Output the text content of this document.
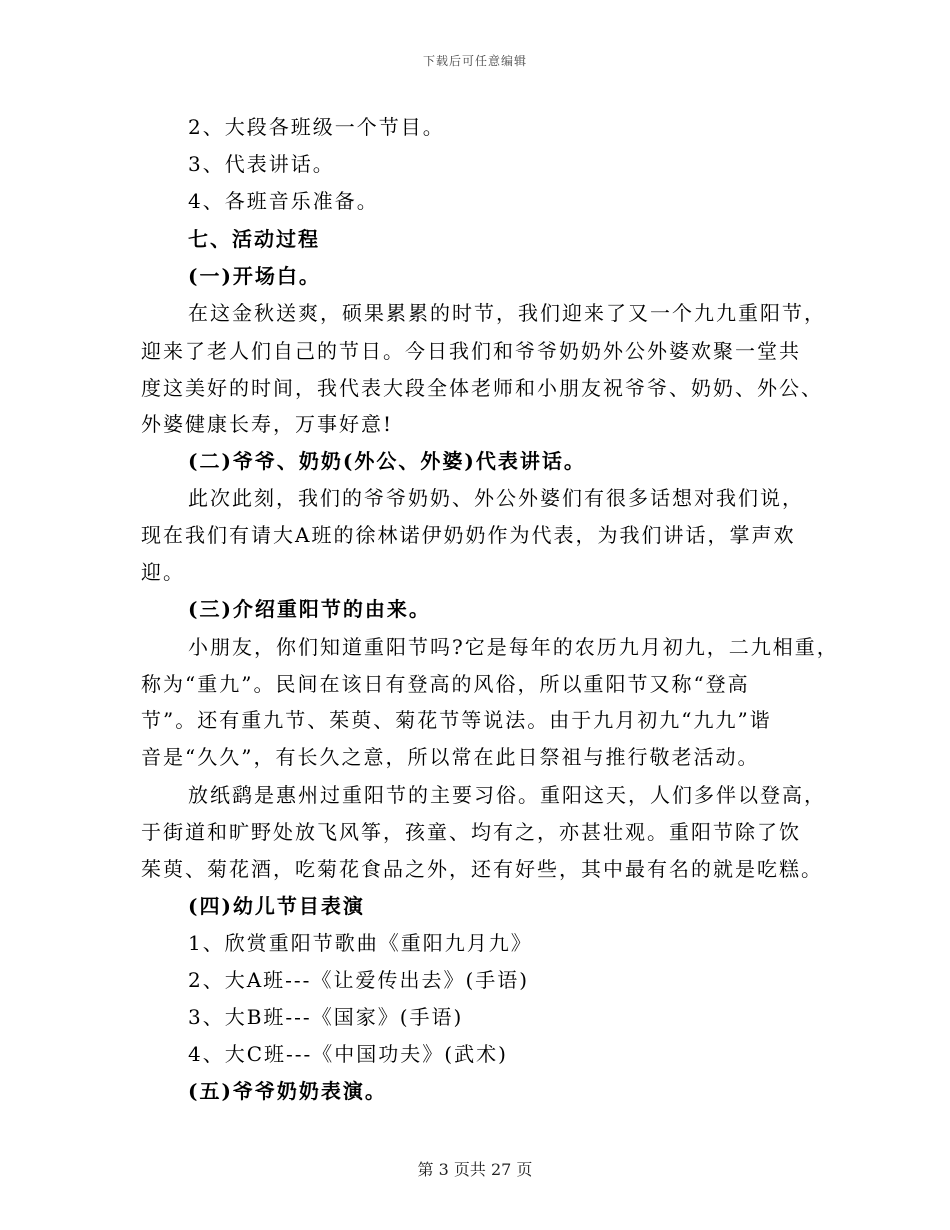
下载后可任意编辑
2、大段各班级一个节目。
3、代表讲话。
4、各班音乐准备。
七、活动过程
(一)开场白。
在这金秋送爽，硕果累累的时节，我们迎来了又一个九九重阳节，
迎来了老人们自己的节日。今日我们和爷爷奶奶外公外婆欢聚一堂共
度这美好的时间，我代表大段全体老师和小朋友祝爷爷、奶奶、外公、
外婆健康长寿，万事好意!
(二)爷爷、奶奶(外公、外婆)代表讲话。
此次此刻，我们的爷爷奶奶、外公外婆们有很多话想对我们说，
现在我们有请大A班的徐林诺伊奶奶作为代表，为我们讲话，掌声欢
迎。
(三)介绍重阳节的由来。
小朋友，你们知道重阳节吗?它是每年的农历九月初九，二九相重，
称为“重九”。民间在该日有登高的风俗，所以重阳节又称“登高
节”。还有重九节、茱萸、菊花节等说法。由于九月初九“九九”谐
音是“久久”，有长久之意，所以常在此日祭祖与推行敬老活动。
放纸鹞是惠州过重阳节的主要习俗。重阳这天，人们多伴以登高，
于街道和旷野处放飞风筝，孩童、均有之，亦甚壮观。重阳节除了饮
茱萸、菊花酒，吃菊花食品之外，还有好些，其中最有名的就是吃糕。
(四)幼儿节目表演
1、欣赏重阳节歌曲《重阳九月九》
2、大A班---《让爱传出去》(手语)
3、大B班---《国家》(手语)
4、大C班---《中国功夫》(武术)
(五)爷爷奶奶表演。
第 3 页共 27 页
